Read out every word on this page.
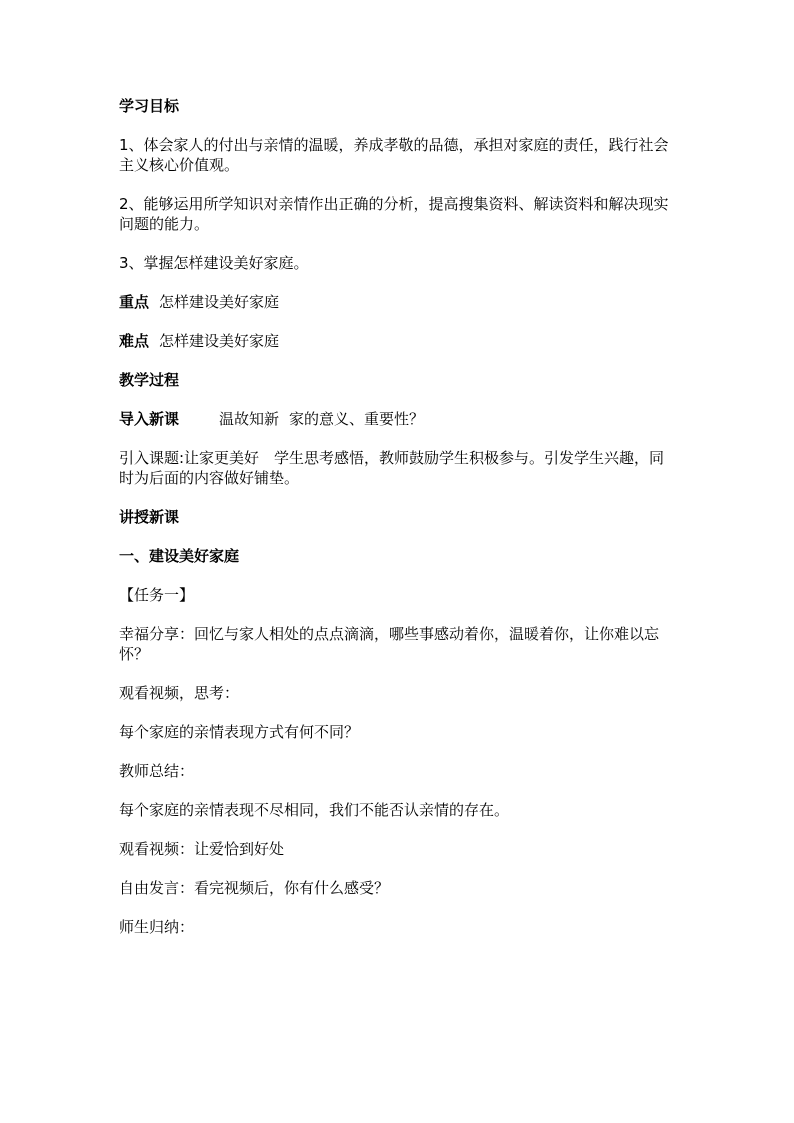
学习目标
1、体会家人的付出与亲情的温暖，养成孝敬的品德，承担对家庭的责任，践行社会主义核心价值观。
2、能够运用所学知识对亲情作出正确的分析，提高搜集资料、解读资料和解决现实问题的能力。
3、掌握怎样建设美好家庭。
重点 怎样建设美好家庭
难点 怎样建设美好家庭
教学过程
导入新课	温故知新 家的意义、重要性？
引入课题:让家更美好　学生思考感悟，教师鼓励学生积极参与。引发学生兴趣，同时为后面的内容做好铺垫。
讲授新课
一、建设美好家庭
【任务一】
幸福分享：回忆与家人相处的点点滴滴，哪些事感动着你，温暖着你，让你难以忘怀？
观看视频，思考：
每个家庭的亲情表现方式有何不同？
教师总结：
每个家庭的亲情表现不尽相同，我们不能否认亲情的存在。
观看视频：让爱恰到好处
自由发言：看完视频后，你有什么感受？
师生归纳：
